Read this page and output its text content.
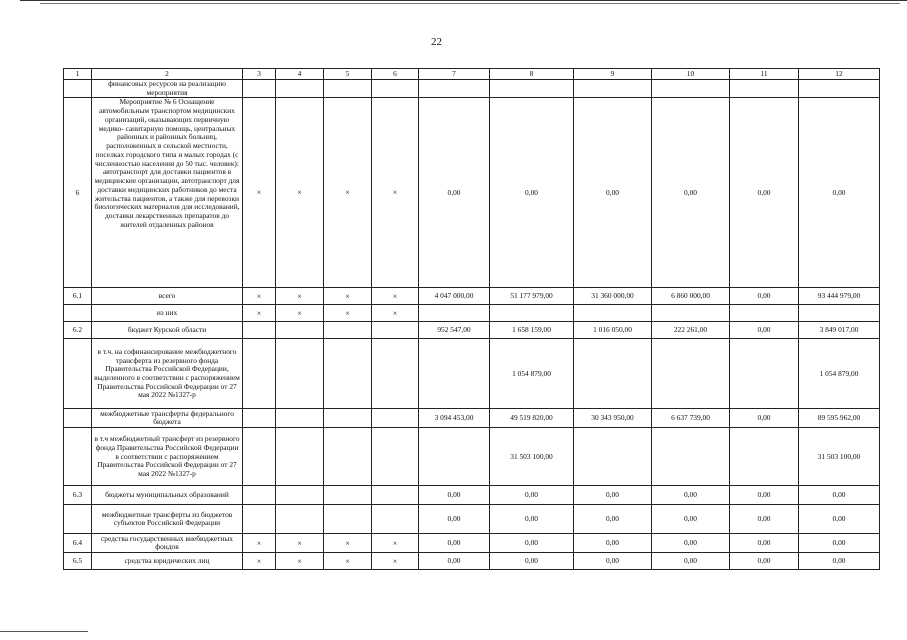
22
1	2	3	4	5	6	7	8	9	10	11	12
	финансовых ресурсов на реализацию мероприятия										
6	Мероприятие № 6 Оснащение автомобильным транспортом медицинских организаций, оказывающих первичную медико- санитарную помощь, центральных районных и районных больниц, расположенных в сельской местности, поселках городского типа и малых городах (с численностью населения до 50 тыс. человек): автотранспорт для доставки пациентов в медицинские организации, автотранспорт для доставки медицинских работников до места жительства пациентов, а также для перевозки биологических материалов для исследований, доставки лекарственных препаратов до жителей отдаленных районов	×	×	×	×	0,00	0,00	0,00	0,00	0,00	0,00
6.1	всего	×	×	×	×	4 047 000,00	51 177 979,00	31 360 000,00	6 860 000,00	0,00	93 444 979,00
	из них	×	×	×	×						
6.2	бюджет Курской области					952 547,00	1 658 159,00	1 016 050,00	222 261,00	0,00	3 849 017,00
	в т.ч. на софинансирование межбюджетного трансферта из резервного фонда Правительства Российской Федерации, выделенного в соответствии с распоряжением Правительства Российской Федерации от 27 мая 2022 №1327-р						1 054 879,00				1 054 879,00
	межбюджетные трансферты федерального бюджета					3 094 453,00	49 519 820,00	30 343 950,00	6 637 739,00	0,00	89 595 962,00
	в т.ч межбюджетный трансферт из резервного фонда Правительства Российской Федерации в соответствии с распоряжением Правительства Российской Федерации от 27 мая 2022 №1327-р						31 503 100,00				31 503 100,00
6.3	бюджеты муниципальных образований					0,00	0,00	0,00	0,00	0,00	0,00
	межбюджетные трансферты из бюджетов субъектов Российской Федерации					0,00	0,00	0,00	0,00	0,00	0,00
6.4	средства государственных внебюджетных фондов	×	×	×	×	0,00	0,00	0,00	0,00	0,00	0,00
6.5	средства юридических лиц	×	×	×	×	0,00	0,00	0,00	0,00	0,00	0,00
